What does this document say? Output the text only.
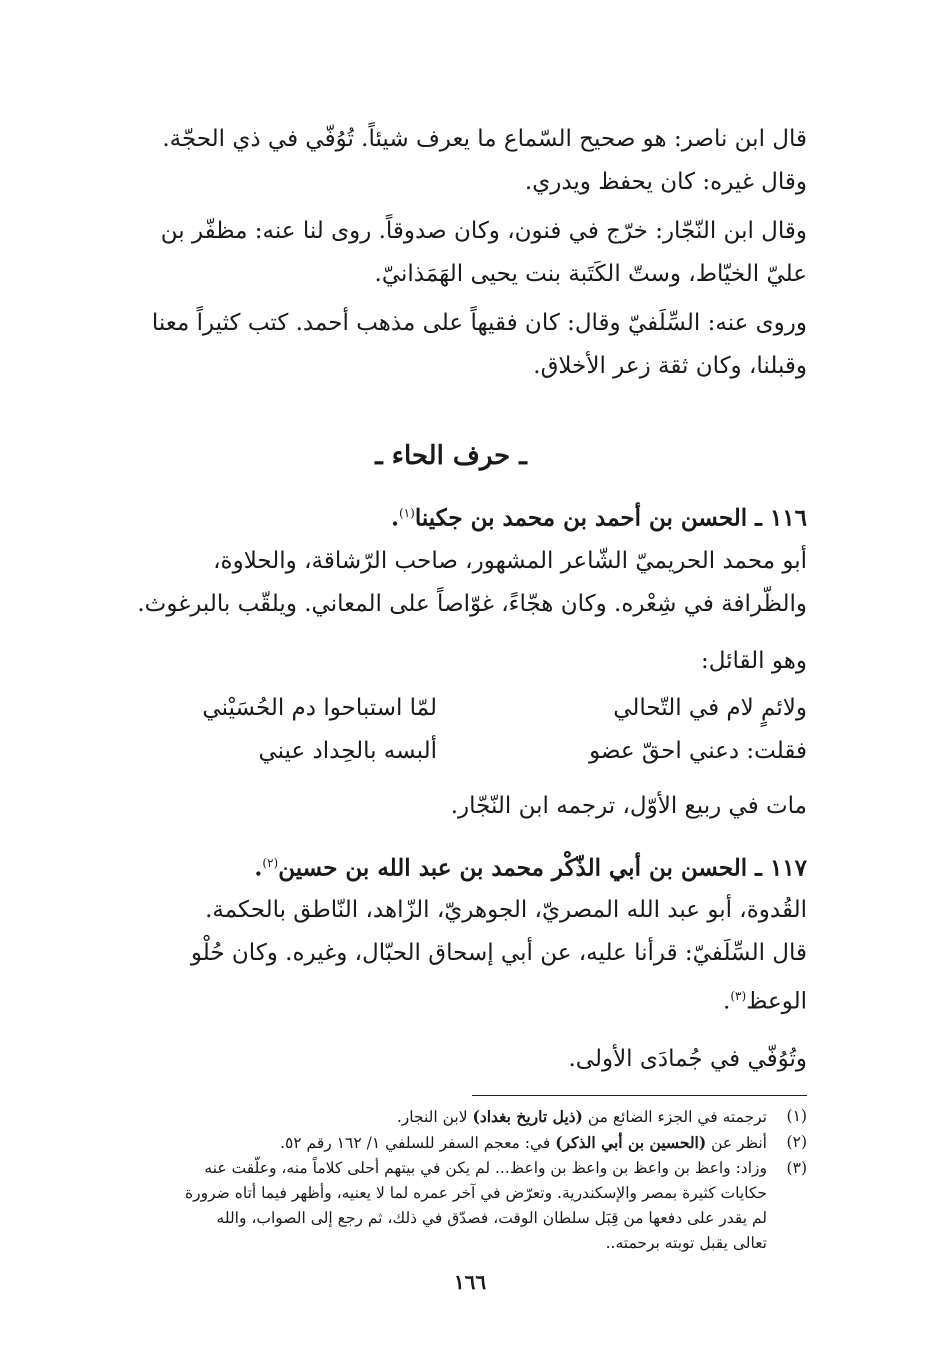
قال ابن ناصر: هو صحيح السّماع ما يعرف شيئاً. تُوُفّي في ذي الحجّة.
وقال غيره: كان يحفظ ويدري.
وقال ابن النّجّار: خرّج في فنون، وكان صدوقاً. روى لنا عنه: مظفّر بن
عليّ الخيّاط، وستّ الكَتَبة بنت يحيى الهَمَذانيّ.
وروى عنه: السِّلَفيّ وقال: كان فقيهاً على مذهب أحمد. كتب كثيراً معنا
وقبلنا، وكان ثقة زعر الأخلاق.
ـ حرف الحاء ـ
١١٦ ـ الحسن بن أحمد بن محمد بن جكينا$^{(١)}$.
أبو محمد الحريميّ الشّاعر المشهور، صاحب الرّشاقة، والحلاوة،
والظّرافة في شِعْره. وكان هجّاءً، غوّاصاً على المعاني. ويلقّب بالبرغوث.
وهو القائل:
ولائمٍ لام في التّحالي
لمّا استباحوا دم الحُسَيْني
فقلت: دعني احقّ عضو
ألبسه بالحِداد عيني
مات في ربيع الأوّل، ترجمه ابن النّجّار.
١١٧ ـ الحسن بن أبي الذّكْر محمد بن عبد الله بن حسين$^{(٢)}$.
القُدوة، أبو عبد الله المصريّ، الجوهريّ، الزّاهد، النّاطق بالحكمة.
قال السِّلَفيّ: قرأنا عليه، عن أبي إسحاق الحبّال، وغيره. وكان حُلْو
الوعظ$^{(٣)}$.
وتُوُفّي في جُمادَى الأولى.
(١)
ترجمته في الجزء الضائع من (ذيل تاريخ بغداد) لابن النجار.
(٢)
أنظر عن (الحسين بن أبي الذكر) في: معجم السفر للسلفي ١/ ١٦٢ رقم ٥٢.
(٣)
وزاد: واعظ بن واعظ بن واعظ بن واعظ... لم يكن في بيتهم أحلى كلاماً منه، وعلّقت عنه
حكايات كثيرة بمصر والإسكندرية. وتعرّض في آخر عمره لما لا يعنيه، وأظهر فيما أتاه ضرورة
لم يقدر على دفعها من قِبَل سلطان الوقت، فصدّق في ذلك، ثم رجع إلى الصواب، والله
تعالى يقبل توبته برحمته..
١٦٦
